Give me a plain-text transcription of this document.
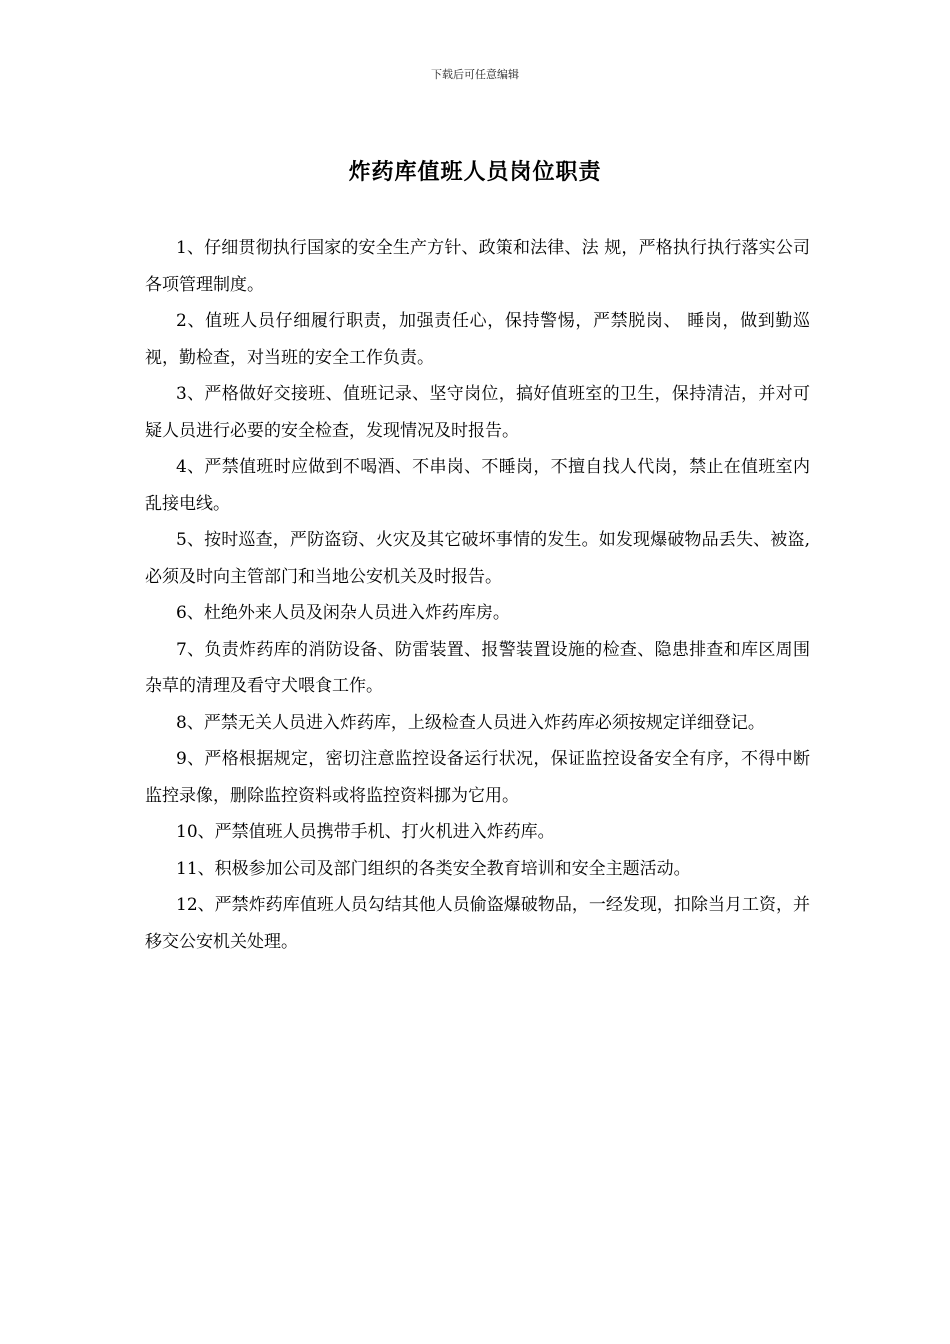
下载后可任意编辑
炸药库值班人员岗位职责

1、仔细贯彻执行国家的安全生产方针、政策和法律、法 规，严格执行执行落实公司各项管理制度。

2、值班人员仔细履行职责，加强责任心，保持警惕，严禁脱岗、 睡岗，做到勤巡视，勤检查，对当班的安全工作负责。

3、严格做好交接班、值班记录、坚守岗位，搞好值班室的卫生，保持清洁，并对可疑人员进行必要的安全检查，发现情况及时报告。

4、严禁值班时应做到不喝酒、不串岗、不睡岗，不擅自找人代岗，禁止在值班室内乱接电线。

5、按时巡查，严防盗窃、火灾及其它破坏事情的发生。如发现爆破物品丢失、被盗,必须及时向主管部门和当地公安机关及时报告。

6、杜绝外来人员及闲杂人员进入炸药库房。

7、负责炸药库的消防设备、防雷装置、报警装置设施的检查、隐患排查和库区周围杂草的清理及看守犬喂食工作。

8、严禁无关人员进入炸药库，上级检查人员进入炸药库必须按规定详细登记。

9、严格根据规定，密切注意监控设备运行状况，保证监控设备安全有序，不得中断监控录像，删除监控资料或将监控资料挪为它用。

10、严禁值班人员携带手机、打火机进入炸药库。

11、积极参加公司及部门组织的各类安全教育培训和安全主题活动。

12、严禁炸药库值班人员勾结其他人员偷盗爆破物品，一经发现，扣除当月工资，并移交公安机关处理。
